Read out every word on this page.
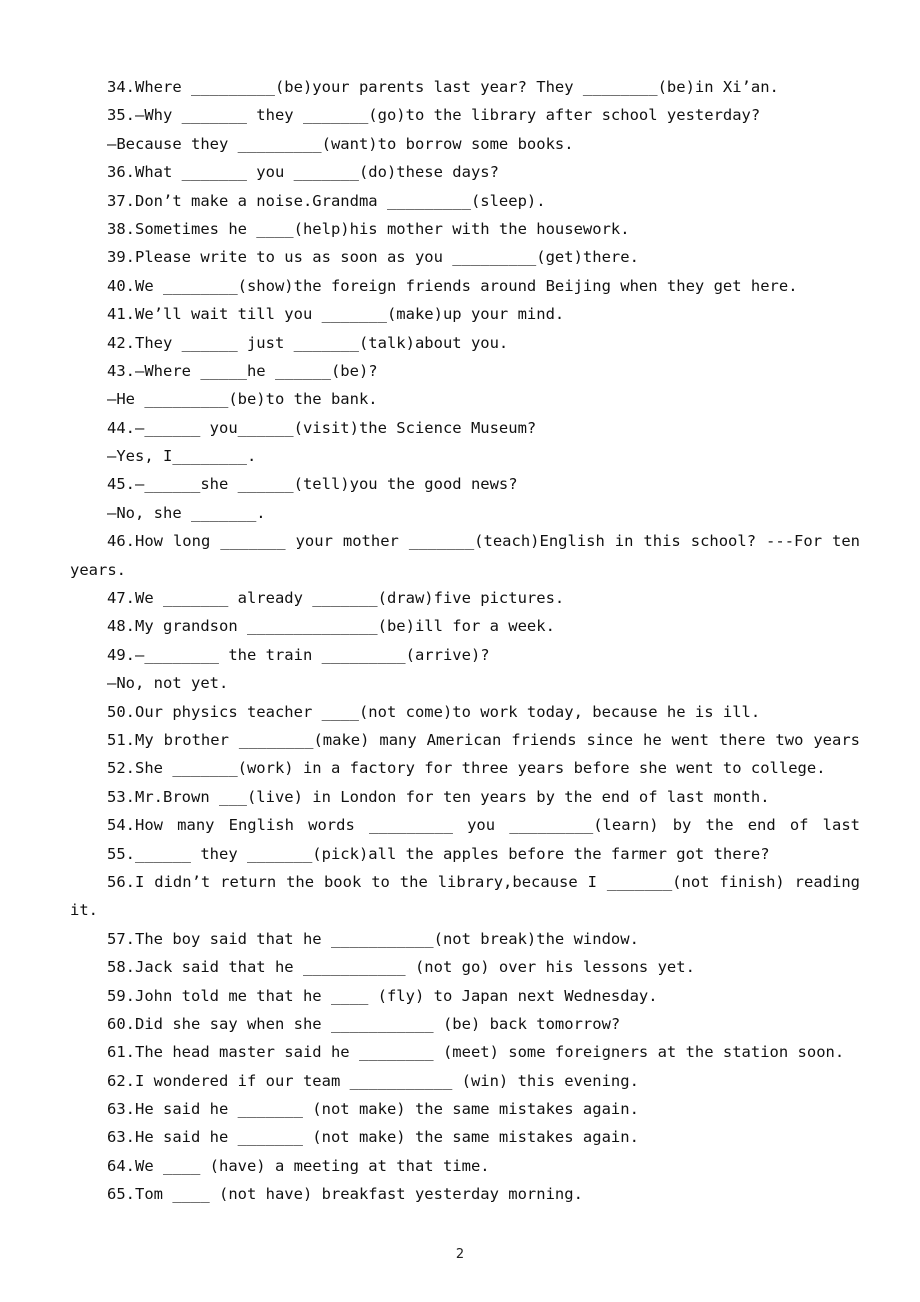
34.Where _________(be)your parents last year? They ________(be)in Xi’an.
35.—Why _______ they _______(go)to the library after school yesterday?
—Because they _________(want)to borrow some books.
36.What _______ you _______(do)these days?
37.Don’t make a noise.Grandma _________(sleep).
38.Sometimes he ____(help)his mother with the housework.
39.Please write to us as soon as you _________(get)there.
40.We ________(show)the foreign friends around Beijing when they get here.
41.We’ll wait till you _______(make)up your mind.
42.They ______ just _______(talk)about you.
43.—Where _____he ______(be)?
—He _________(be)to the bank.
44.—______ you______(visit)the Science Museum?
—Yes, I________.
45.—______she ______(tell)you the good news?
—No, she _______.
46.How long _______ your mother _______(teach)English in this school? ---For ten
years.
47.We _______ already _______(draw)five pictures.
48.My grandson ______________(be)ill for a week.
49.—________ the train _________(arrive)?
—No, not yet.
50.Our physics teacher ____(not come)to work today, because he is ill.
51.My brother ________(make) many American friends since he went there two years
52.She _______(work) in a factory for three years before she went to college.
53.Mr.Brown ___(live) in London for ten years by the end of last month.
54.How many English words _________ you _________(learn) by the end of last
55.______ they _______(pick)all the apples before the farmer got there?
56.I didn’t return the book to the library,because I _______(not finish) reading
it.
57.The boy said that he ___________(not break)the window.
58.Jack said that he ___________ (not go) over his lessons yet.
59.John told me that he ____ (fly) to Japan next Wednesday.
60.Did she say when she ___________ (be) back tomorrow?
61.The head master said he ________ (meet) some foreigners at the station soon.
62.I wondered if our team ___________ (win) this evening.
63.He said he _______ (not make) the same mistakes again.
63.He said he _______ (not make) the same mistakes again.
64.We ____ (have) a meeting at that time.
65.Tom ____ (not have) breakfast yesterday morning.
2
